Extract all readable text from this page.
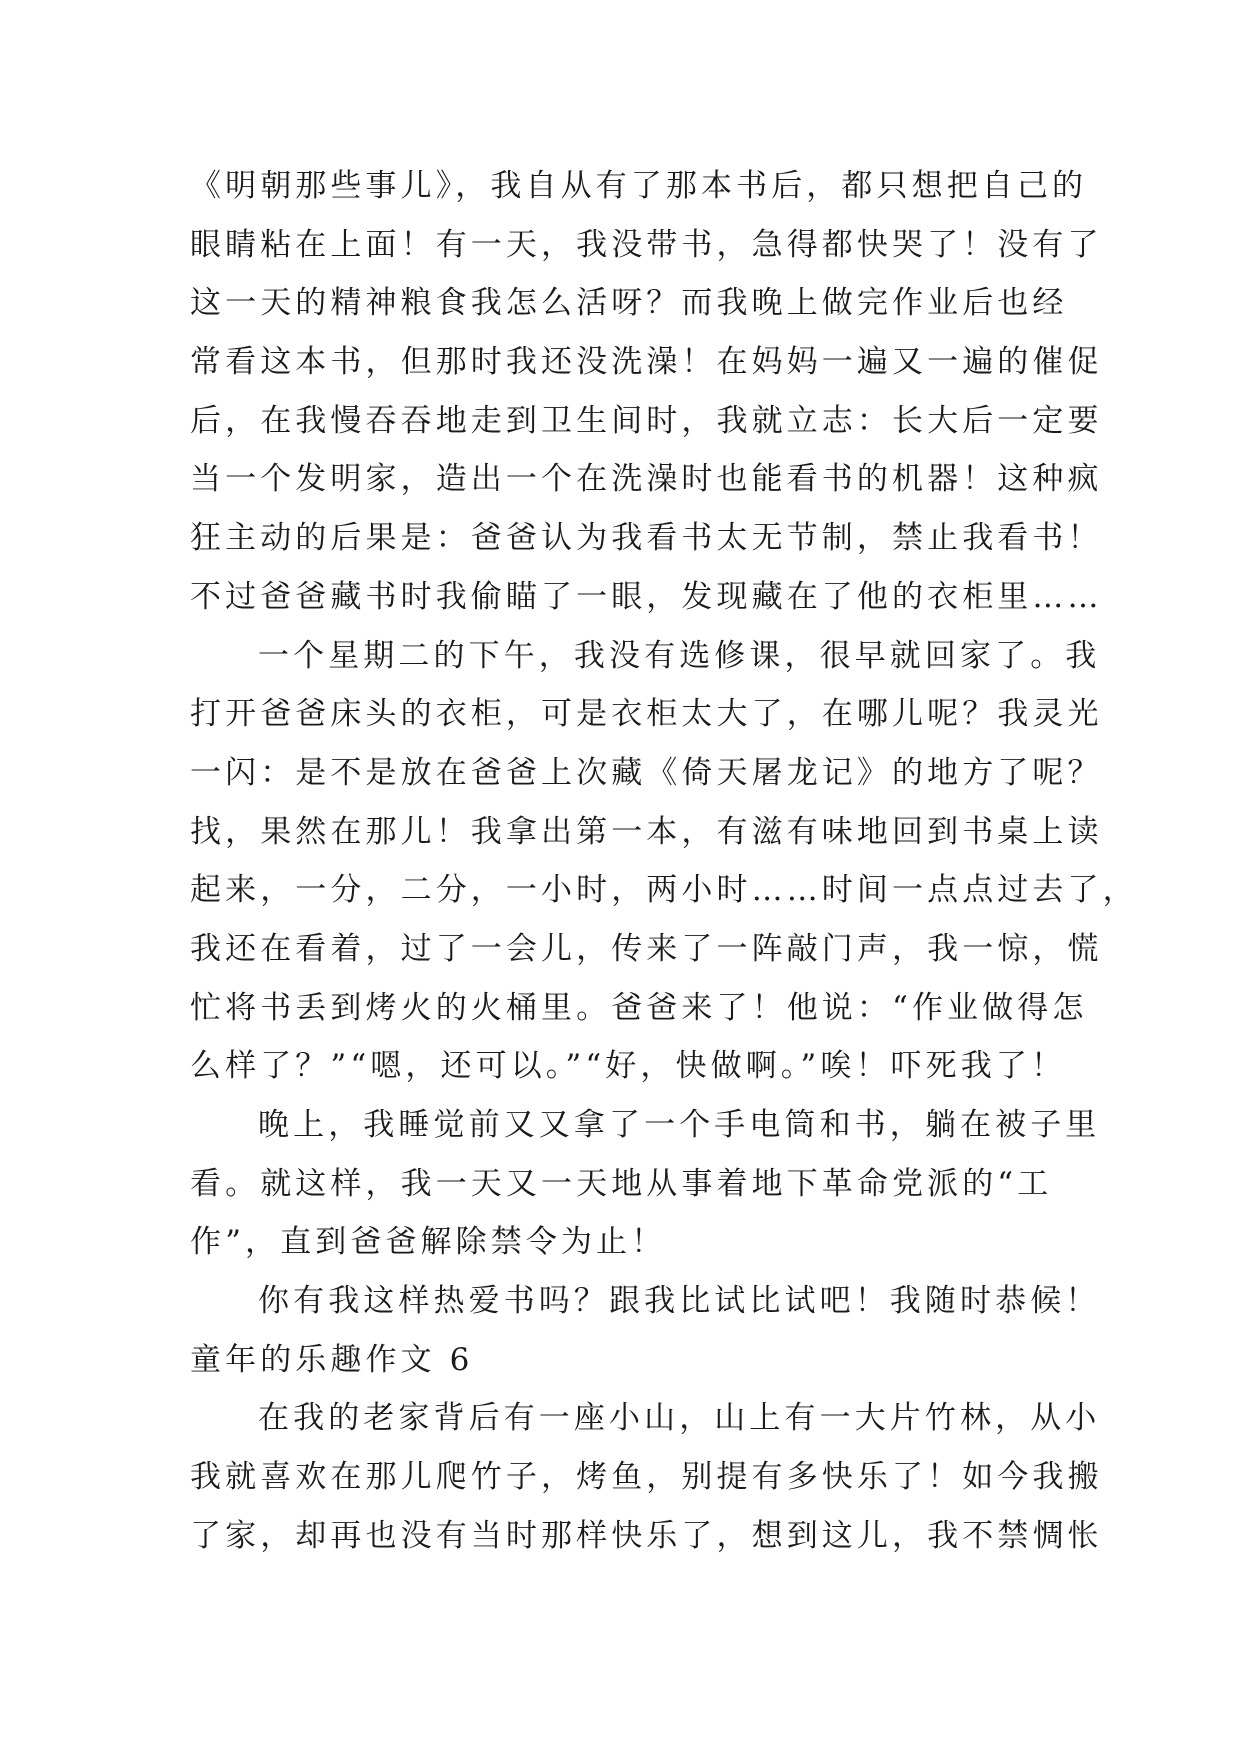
《明朝那些事儿》，我自从有了那本书后，都只想把自己的
眼睛粘在上面！有一天，我没带书，急得都快哭了！没有了
这一天的精神粮食我怎么活呀？而我晚上做完作业后也经
常看这本书，但那时我还没洗澡！在妈妈一遍又一遍的催促
后，在我慢吞吞地走到卫生间时，我就立志：长大后一定要
当一个发明家，造出一个在洗澡时也能看书的机器！这种疯
狂主动的后果是：爸爸认为我看书太无节制，禁止我看书！
不过爸爸藏书时我偷瞄了一眼，发现藏在了他的衣柜里……
一个星期二的下午，我没有选修课，很早就回家了。我
打开爸爸床头的衣柜，可是衣柜太大了，在哪儿呢？我灵光
一闪：是不是放在爸爸上次藏《倚天屠龙记》的地方了呢？
找，果然在那儿！我拿出第一本，有滋有味地回到书桌上读
起来，一分，二分，一小时，两小时……时间一点点过去了，
我还在看着，过了一会儿，传来了一阵敲门声，我一惊，慌
忙将书丢到烤火的火桶里。爸爸来了！他说：“作业做得怎
么样了？”“嗯，还可以。”“好，快做啊。”唉！吓死我了！
晚上，我睡觉前又又拿了一个手电筒和书，躺在被子里
看。就这样，我一天又一天地从事着地下革命党派的“工
作”，直到爸爸解除禁令为止！
你有我这样热爱书吗？跟我比试比试吧！我随时恭候！
童年的乐趣作文 6
在我的老家背后有一座小山，山上有一大片竹林，从小
我就喜欢在那儿爬竹子，烤鱼，别提有多快乐了！如今我搬
了家，却再也没有当时那样快乐了，想到这儿，我不禁惆怅
